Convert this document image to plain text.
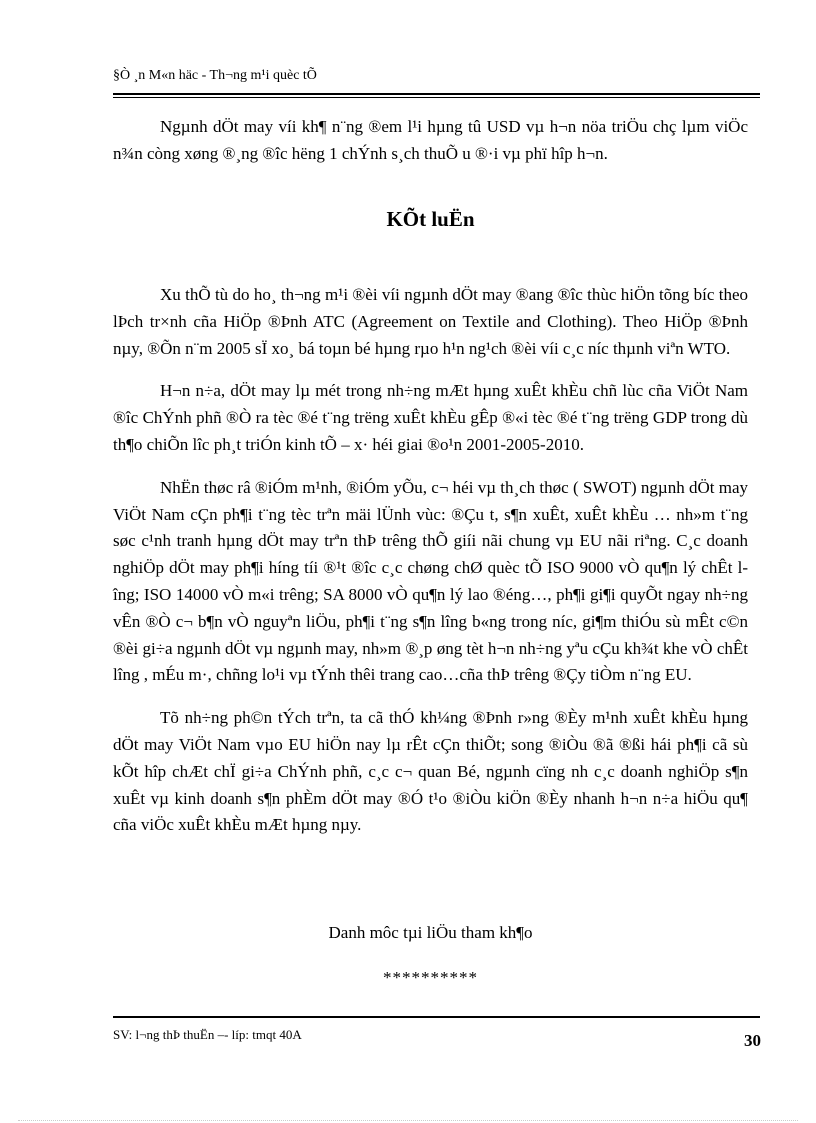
§Ò ¸n M«n häc - Th¬ng m¹i quèc tÕ

Ngµnh dÖt may víi kh¶ n¨ng ®em l¹i hµng tû USD vµ h¬n nöa triÖu chç lµm viÖc n¾n còng xøng ®¸ng ®îc hëng 1 chÝnh s¸ch thuÕ u ®·i vµ phï hîp h¬n.

KÕt luËn

Xu thÕ tù do ho¸ th¬ng m¹i ®èi víi ngµnh dÖt may ®ang ®îc thùc hiÖn tõng bíc theo lÞch tr×nh cña HiÖp ®Þnh ATC (Agreement on Textile and Clothing). Theo HiÖp ®Þnh nµy, ®Õn n¨m 2005 sÏ xo¸ bá toµn bé hµng rµo h¹n ng¹ch ®èi víi c¸c níc thµnh viªn WTO.

H¬n n÷a, dÖt may lµ mét trong nh÷ng mÆt hµng xuÊt khÈu chñ lùc cña ViÖt Nam ®îc ChÝnh phñ ®Ò ra tèc ®é t¨ng trëng xuÊt khÈu gÊp ®«i tèc ®é t¨ng trëng GDP trong dù th¶o chiÕn lîc ph¸t triÓn kinh tÕ – x· héi giai ®o¹n 2001-2005-2010.

NhËn thøc râ ®iÓm m¹nh, ®iÓm yÕu, c¬ héi vµ th¸ch thøc ( SWOT) ngµnh dÖt may ViÖt Nam cÇn ph¶i t¨ng tèc trªn mäi lÜnh vùc: ®Çu t, s¶n xuÊt, xuÊt khÈu … nh»m t¨ng søc c¹nh tranh hµng dÖt may trªn thÞ trêng thÕ giíi nãi chung vµ EU nãi riªng. C¸c doanh nghiÖp dÖt may ph¶i híng tíi ®¹t ®îc c¸c chøng chØ quèc tÕ ISO 9000 vÒ qu¶n lý chÊt lîng; ISO 14000 vÒ m«i trêng; SA 8000 vÒ qu¶n lý lao ®éng…, ph¶i gi¶i quyÕt ngay nh÷ng vÊn ®Ò c¬ b¶n vÒ nguyªn liÖu, ph¶i t¨ng s¶n lîng b«ng trong níc, gi¶m thiÓu sù mÊt c©n ®èi gi÷a ngµnh dÖt vµ ngµnh may, nh»m ®¸p øng tèt h¬n nh÷ng yªu cÇu kh¾t khe vÒ chÊt lîng , mÉu m·, chñng lo¹i vµ tÝnh thêi trang cao…cña thÞ trêng ®Çy tiÒm n¨ng EU.

Tõ nh÷ng ph©n tÝch trªn, ta cã thÓ kh¼ng ®Þnh r»ng ®Èy m¹nh xuÊt khÈu hµng dÖt may ViÖt Nam vµo EU hiÖn nay lµ rÊt cÇn thiÕt; song ®iÒu ®ã ®ßi hái ph¶i cã sù kÕt hîp chÆt chÏ gi÷a ChÝnh phñ, c¸c c¬ quan Bé, ngµnh cïng nh c¸c doanh nghiÖp s¶n xuÊt vµ kinh doanh s¶n phÈm dÖt may ®Ó t¹o ®iÒu kiÖn ®Èy nhanh h¬n n÷a hiÖu qu¶ cña viÖc xuÊt khÈu mÆt hµng nµy.

Danh môc tµi liÖu tham kh¶o
**********
SV: l¬ng thÞ thuËn –- líp: tmqt 40A	30
